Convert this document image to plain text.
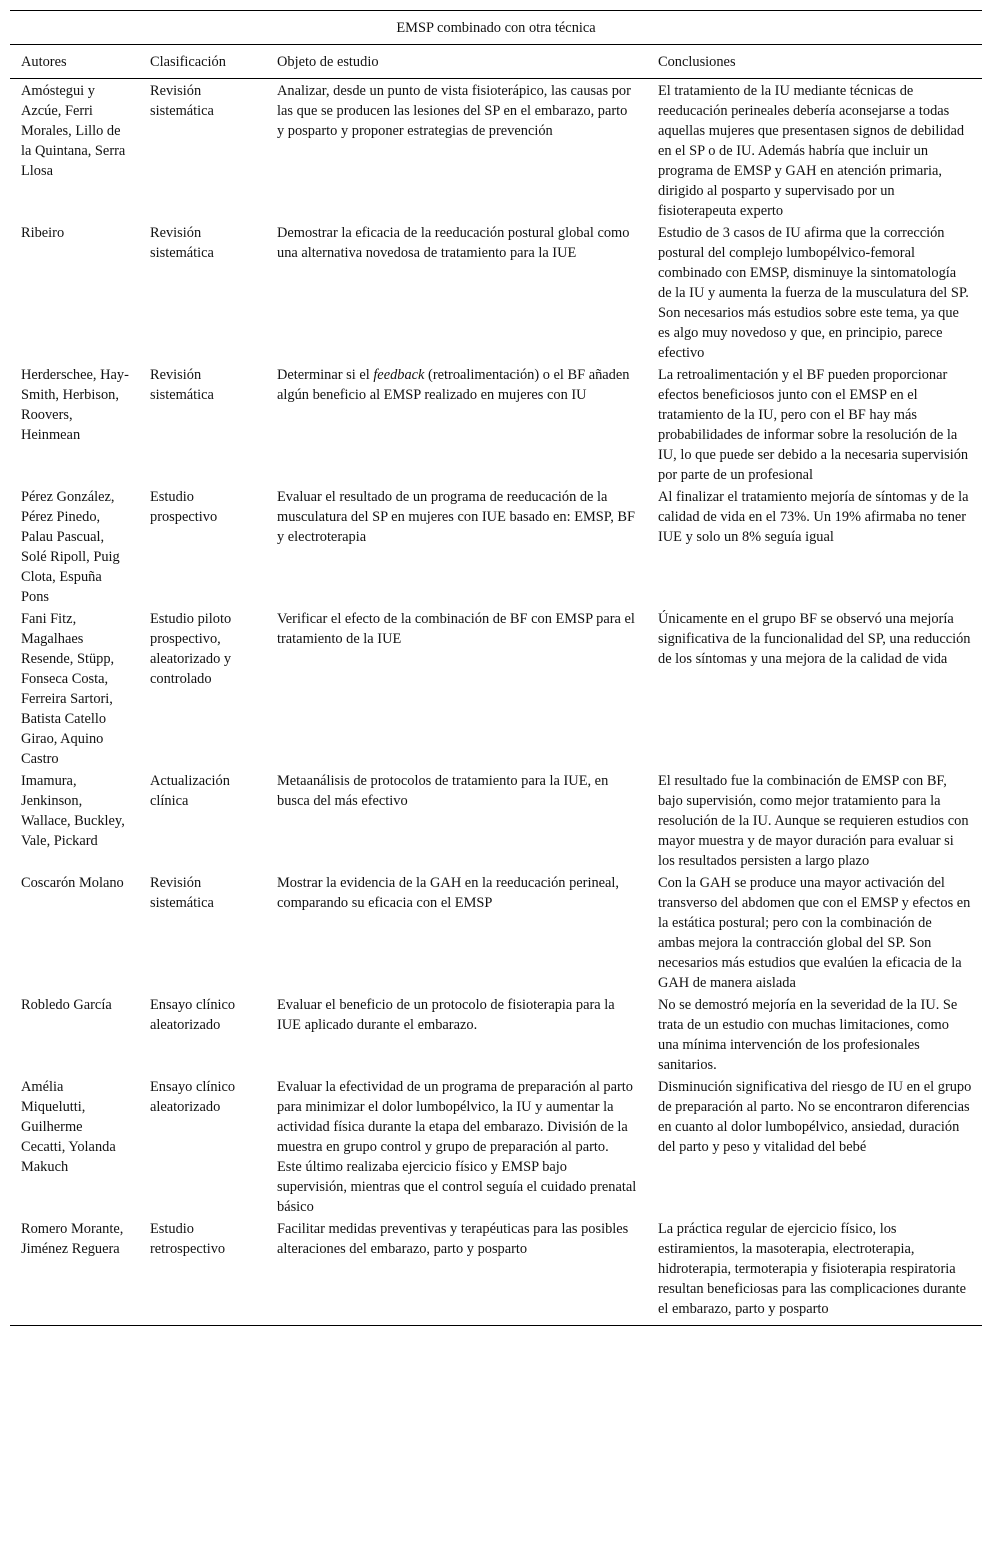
EMSP combinado con otra técnica			
Autores	Clasificación	Objeto de estudio	Conclusiones
Amóstegui y Azcúe, Ferri Morales, Lillo de la Quintana, Serra Llosa	Revisión sistemática	Analizar, desde un punto de vista fisioterápico, las causas por las que se producen las lesiones del SP en el embarazo, parto y posparto y proponer estrategias de prevención	El tratamiento de la IU mediante técnicas de reeducación perineales debería aconsejarse a todas aquellas mujeres que presentasen signos de debilidad en el SP o de IU. Además habría que incluir un programa de EMSP y GAH en atención primaria, dirigido al posparto y supervisado por un fisioterapeuta experto
Ribeiro	Revisión sistemática	Demostrar la eficacia de la reeducación postural global como una alternativa novedosa de tratamiento para la IUE	Estudio de 3 casos de IU afirma que la corrección postural del complejo lumbopélvico-femoral combinado con EMSP, disminuye la sintomatología de la IU y aumenta la fuerza de la musculatura del SP. Son necesarios más estudios sobre este tema, ya que es algo muy novedoso y que, en principio, parece efectivo
Herderschee, Hay-Smith, Herbison, Roovers, Heinmean	Revisión sistemática	Determinar si el feedback (retroalimentación) o el BF añaden algún beneficio al EMSP realizado en mujeres con IU	La retroalimentación y el BF pueden proporcionar efectos beneficiosos junto con el EMSP en el tratamiento de la IU, pero con el BF hay más probabilidades de informar sobre la resolución de la IU, lo que puede ser debido a la necesaria supervisión por parte de un profesional
Pérez González, Pérez Pinedo, Palau Pascual, Solé Ripoll, Puig Clota, Espuña Pons	Estudio prospectivo	Evaluar el resultado de un programa de reeducación de la musculatura del SP en mujeres con IUE basado en: EMSP, BF y electroterapia	Al finalizar el tratamiento mejoría de síntomas y de la calidad de vida en el 73%. Un 19% afirmaba no tener IUE y solo un 8% seguía igual
Fani Fitz, Magalhaes Resende, Stüpp, Fonseca Costa, Ferreira Sartori, Batista Catello Girao, Aquino Castro	Estudio piloto prospectivo, aleatorizado y controlado	Verificar el efecto de la combinación de BF con EMSP para el tratamiento de la IUE	Únicamente en el grupo BF se observó una mejoría significativa de la funcionalidad del SP, una reducción de los síntomas y una mejora de la calidad de vida
Imamura, Jenkinson, Wallace, Buckley, Vale, Pickard	Actualización clínica	Metaanálisis de protocolos de tratamiento para la IUE, en busca del más efectivo	El resultado fue la combinación de EMSP con BF, bajo supervisión, como mejor tratamiento para la resolución de la IU. Aunque se requieren estudios con mayor muestra y de mayor duración para evaluar si los resultados persisten a largo plazo
Coscarón Molano	Revisión sistemática	Mostrar la evidencia de la GAH en la reeducación perineal, comparando su eficacia con el EMSP	Con la GAH se produce una mayor activación del transverso del abdomen que con el EMSP y efectos en la estática postural; pero con la combinación de ambas mejora la contracción global del SP. Son necesarios más estudios que evalúen la eficacia de la GAH de manera aislada
Robledo García	Ensayo clínico aleatorizado	Evaluar el beneficio de un protocolo de fisioterapia para la IUE aplicado durante el embarazo.	No se demostró mejoría en la severidad de la IU. Se trata de un estudio con muchas limitaciones, como una mínima intervención de los profesionales sanitarios.
Amélia Miquelutti, Guilherme Cecatti, Yolanda Makuch	Ensayo clínico aleatorizado	Evaluar la efectividad de un programa de preparación al parto para minimizar el dolor lumbopélvico, la IU y aumentar la actividad física durante la etapa del embarazo. División de la muestra en grupo control y grupo de preparación al parto. Este último realizaba ejercicio físico y EMSP bajo supervisión, mientras que el control seguía el cuidado prenatal básico	Disminución significativa del riesgo de IU en el grupo de preparación al parto. No se encontraron diferencias en cuanto al dolor lumbopélvico, ansiedad, duración del parto y peso y vitalidad del bebé
Romero Morante, Jiménez Reguera	Estudio retrospectivo	Facilitar medidas preventivas y terapéuticas para las posibles alteraciones del embarazo, parto y posparto	La práctica regular de ejercicio físico, los estiramientos, la masoterapia, electroterapia, hidroterapia, termoterapia y fisioterapia respiratoria resultan beneficiosas para las complicaciones durante el embarazo, parto y posparto
